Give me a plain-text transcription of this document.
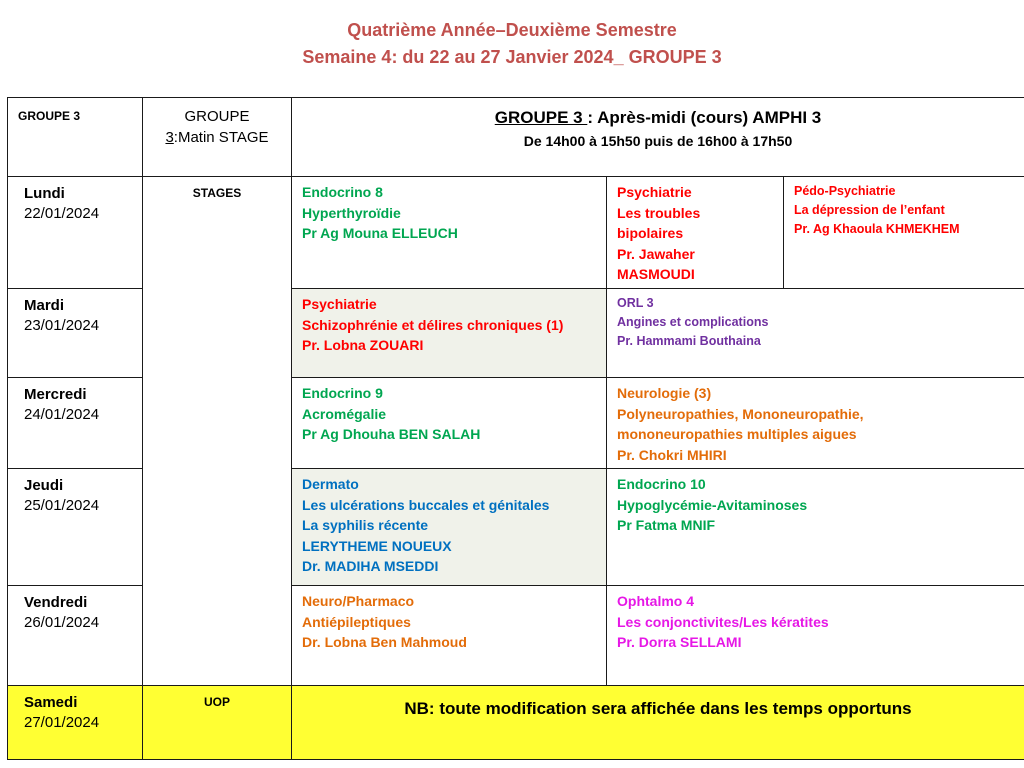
Quatrième Année–Deuxième Semestre
Semaine 4: du 22 au 27 Janvier 2024_ GROUPE 3
GROUPE 3	GROUPE
3:Matin STAGE	GROUPE 3 : Après-midi (cours) AMPHI 3
De 14h00 à 15h50 puis de 16h00 à 17h50		

Lundi
22/01/2024	STAGES	Endocrino 8
Hyperthyroïdie
Pr Ag Mouna ELLEUCH	Psychiatrie
Les troubles
bipolaires
Pr. Jawaher
MASMOUDI	Pédo-Psychiatrie
La dépression de l’enfant
Pr. Ag Khaoula KHMEKHEM

Mardi
23/01/2024		Psychiatrie
Schizophrénie et délires chroniques (1)
Pr. Lobna ZOUARI	ORL 3
Angines et complications
Pr. Hammami Bouthaina	

Mercredi
24/01/2024		Endocrino 9
Acromégalie
Pr Ag Dhouha BEN SALAH	Neurologie (3)
Polyneuropathies, Mononeuropathie,
mononeuropathies multiples aigues
Pr. Chokri MHIRI	

Jeudi
25/01/2024		Dermato
Les ulcérations buccales et génitales
La syphilis récente
LERYTHEME NOUEUX
Dr. MADIHA MSEDDI	Endocrino 10
Hypoglycémie-Avitaminoses
Pr Fatma MNIF	

Vendredi
26/01/2024		Neuro/Pharmaco
Antiépileptiques
Dr. Lobna Ben Mahmoud	Ophtalmo 4
Les conjonctivites/Les kératites
Pr. Dorra SELLAMI	

Samedi
27/01/2024	UOP	NB: toute modification sera affichée dans les temps opportuns		
